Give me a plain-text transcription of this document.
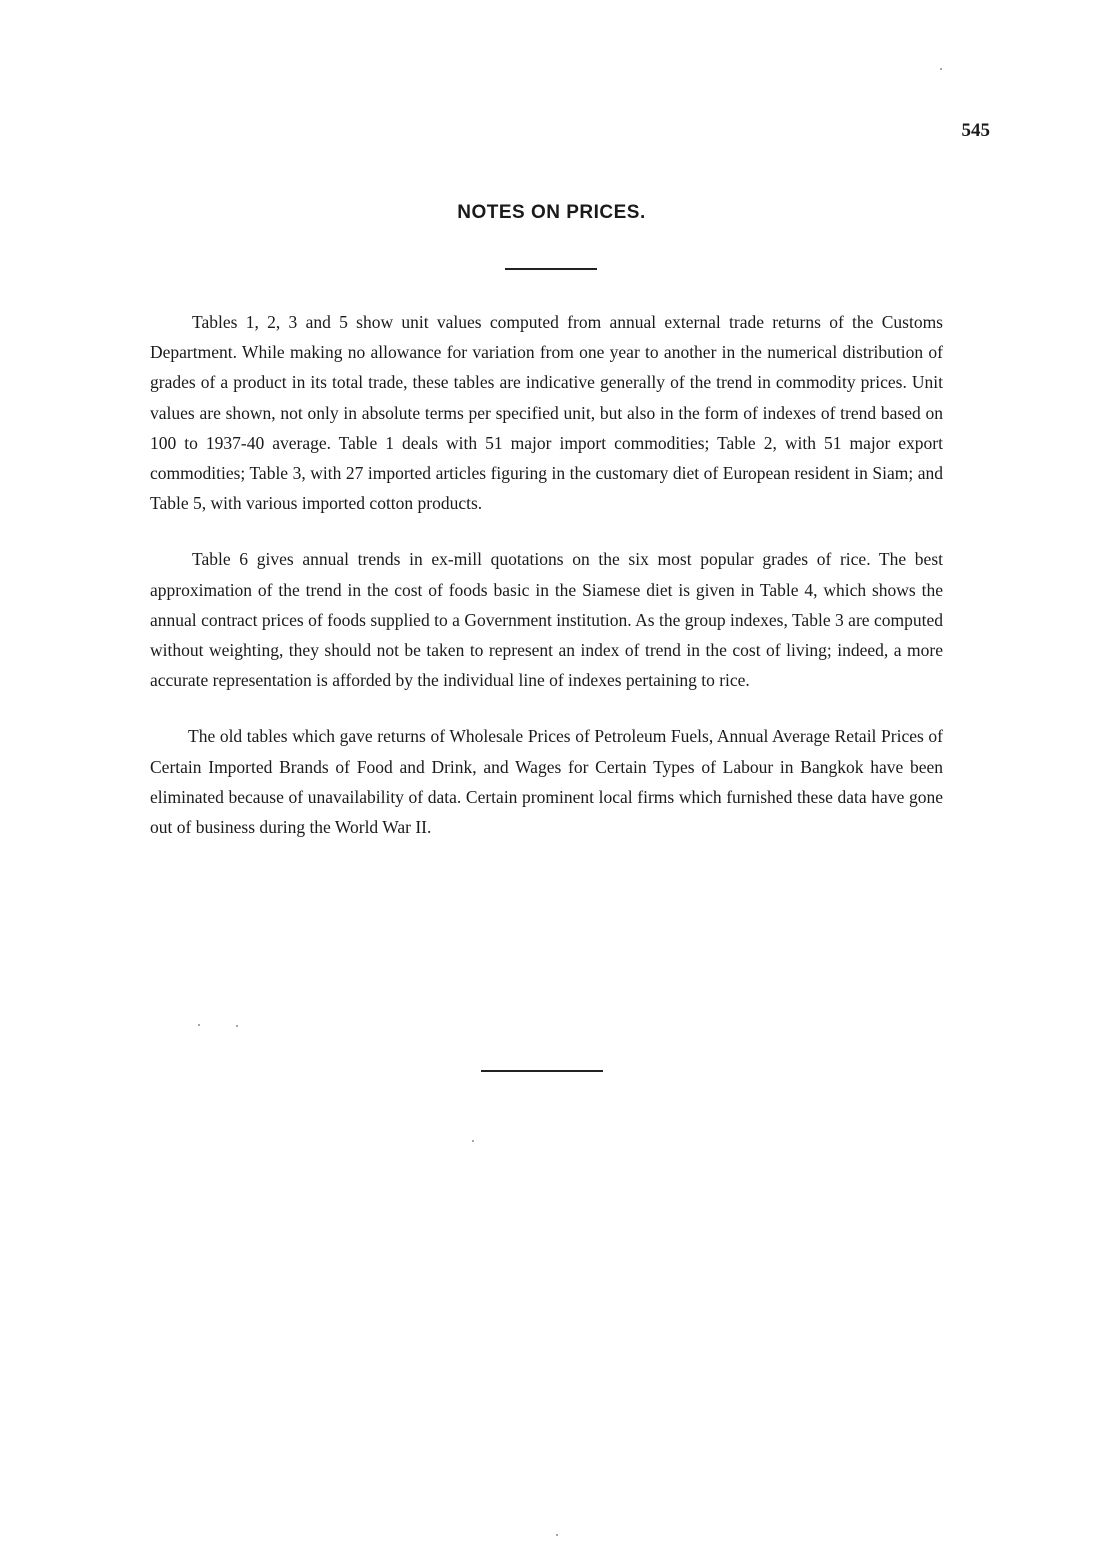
545
NOTES ON PRICES.

Tables 1, 2, 3 and 5 show unit values computed from annual external trade returns of the Customs Department. While making no allowance for variation from one year to another in the numerical distribution of grades of a product in its total trade, these tables are indicative generally of the trend in commodity prices. Unit values are shown, not only in absolute terms per specified unit, but also in the form of indexes of trend based on 100 to 1937-40 average. Table 1 deals with 51 major import commodities; Table 2, with 51 major export commodities; Table 3, with 27 imported articles figuring in the customary diet of European resident in Siam; and Table 5, with various imported cotton products.

Table 6 gives annual trends in ex-mill quotations on the six most popular grades of rice. The best approximation of the trend in the cost of foods basic in the Siamese diet is given in Table 4, which shows the annual contract prices of foods supplied to a Government institution. As the group indexes, Table 3 are computed without weighting, they should not be taken to represent an index of trend in the cost of living; indeed, a more accurate representation is afforded by the individual line of indexes pertaining to rice.

The old tables which gave returns of Wholesale Prices of Petroleum Fuels, Annual Average Retail Prices of Certain Imported Brands of Food and Drink, and Wages for Certain Types of Labour in Bangkok have been eliminated because of unavailability of data. Certain prominent local firms which furnished these data have gone out of business during the World War II.
